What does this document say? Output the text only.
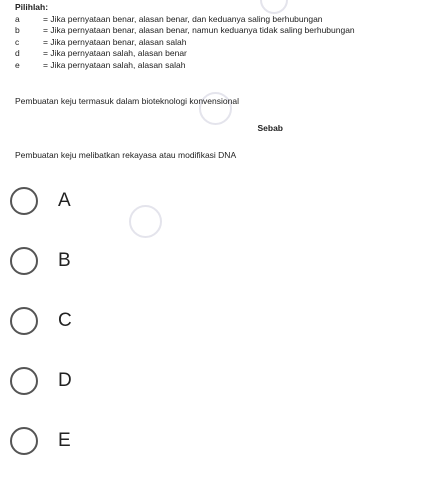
Pilihlah:
a	= Jika pernyataan benar, alasan benar, dan keduanya saling berhubungan
b	= Jika pernyataan benar, alasan benar, namun keduanya tidak saling berhubungan
c	= Jika pernyataan benar, alasan salah
d	= Jika pernyataan salah, alasan benar
e	= Jika pernyataan salah, alasan salah
Pembuatan keju termasuk dalam bioteknologi konvensional
Sebab
Pembuatan keju melibatkan rekayasa atau modifikasi DNA
A
B
C
D
E
